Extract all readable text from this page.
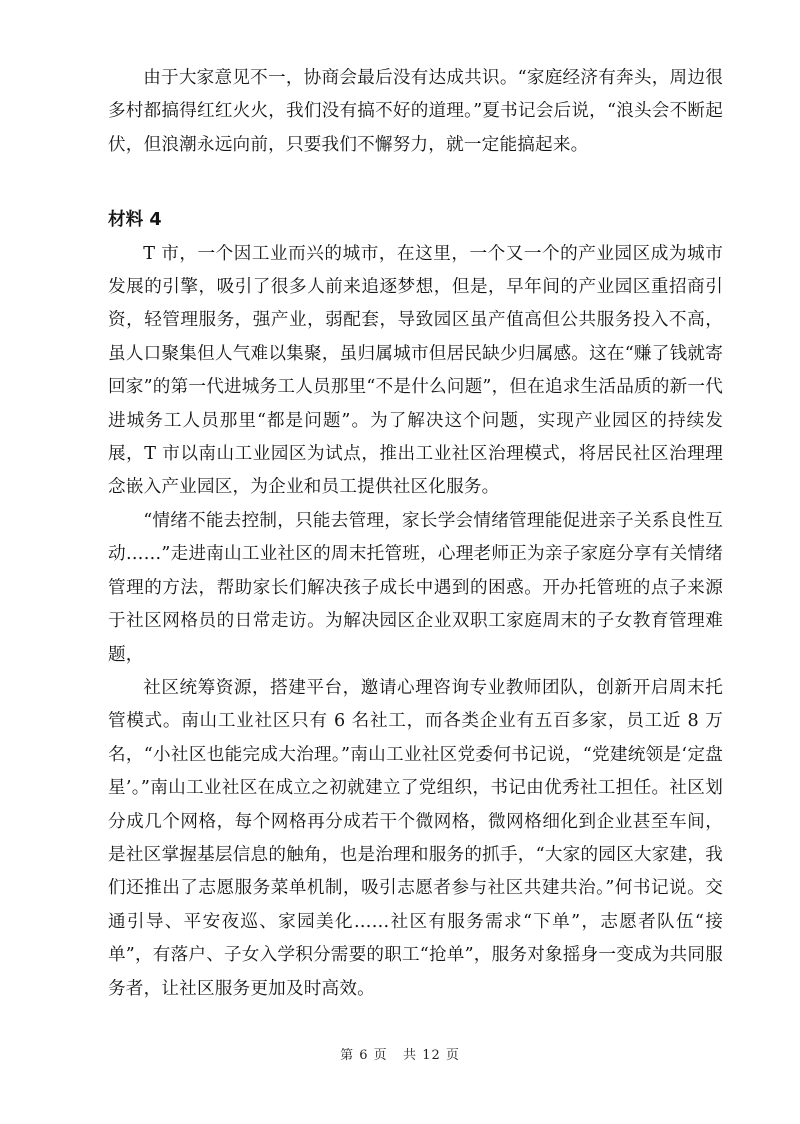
由于大家意见不一，协商会最后没有达成共识。“家庭经济有奔头，周边很多村都搞得红红火火，我们没有搞不好的道理。”夏书记会后说，“浪头会不断起伏，但浪潮永远向前，只要我们不懈努力，就一定能搞起来。

材料 4

T 市，一个因工业而兴的城市，在这里，一个又一个的产业园区成为城市发展的引擎，吸引了很多人前来追逐梦想，但是，早年间的产业园区重招商引资，轻管理服务，强产业，弱配套，导致园区虽产值高但公共服务投入不高，虽人口聚集但人气难以集聚，虽归属城市但居民缺少归属感。这在“赚了钱就寄回家”的第一代进城务工人员那里“不是什么问题”，但在追求生活品质的新一代进城务工人员那里“都是问题”。为了解决这个问题，实现产业园区的持续发展，T 市以南山工业园区为试点，推出工业社区治理模式，将居民社区治理理念嵌入产业园区，为企业和员工提供社区化服务。

“情绪不能去控制，只能去管理，家长学会情绪管理能促进亲子关系良性互动……”走进南山工业社区的周末托管班，心理老师正为亲子家庭分享有关情绪管理的方法，帮助家长们解决孩子成长中遇到的困惑。开办托管班的点子来源于社区网格员的日常走访。为解决园区企业双职工家庭周末的子女教育管理难题，

社区统筹资源，搭建平台，邀请心理咨询专业教师团队，创新开启周末托管模式。南山工业社区只有 6 名社工，而各类企业有五百多家，员工近 8 万名，“小社区也能完成大治理。”南山工业社区党委何书记说，“党建统领是‘定盘星’。”南山工业社区在成立之初就建立了党组织，书记由优秀社工担任。社区划分成几个网格，每个网格再分成若干个微网格，微网格细化到企业甚至车间，是社区掌握基层信息的触角，也是治理和服务的抓手，“大家的园区大家建，我们还推出了志愿服务菜单机制，吸引志愿者参与社区共建共治。”何书记说。交通引导、平安夜巡、家园美化……社区有服务需求“下单”，志愿者队伍“接单”，有落户、子女入学积分需要的职工“抢单”，服务对象摇身一变成为共同服务者，让社区服务更加及时高效。

第 6 页   共 12 页
